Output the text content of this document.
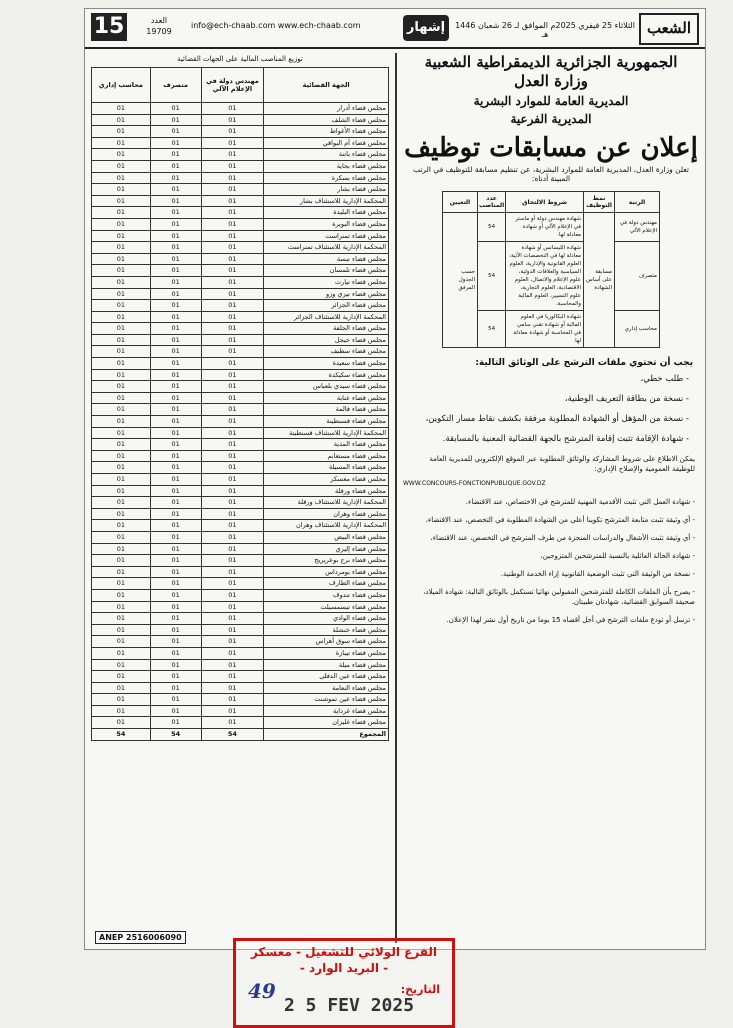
15	العدد
19709
info@ech-chaab.com www.ech-chaab.com	إشهار	الثلاثاء 25 فيفري 2025م الموافق لـ 26 شعبان 1446 هـ	الشعب
توزيع المناصب المالية على الجهات القضائية
الجهة القضائية	مهندس دولة في الإعلام الآلي	متصرف	محاسب إداري
مجلس قضاء أدرار	01	01	01
مجلس قضاء الشلف	01	01	01
مجلس قضاء الأغواط	01	01	01
مجلس قضاء أم البواقي	01	01	01
مجلس قضاء باتنة	01	01	01
مجلس قضاء بجاية	01	01	01
مجلس قضاء بسكرة	01	01	01
مجلس قضاء بشار	01	01	01
المحكمة الإدارية للاستئناف بشار	01	01	01
مجلس قضاء البليدة	01	01	01
مجلس قضاء البويرة	01	01	01
مجلس قضاء تمنراست	01	01	01
المحكمة الإدارية للاستئناف تمنراست	01	01	01
مجلس قضاء تبسة	01	01	01
مجلس قضاء تلمسان	01	01	01
مجلس قضاء تيارت	01	01	01
مجلس قضاء تيزي وزو	01	01	01
مجلس قضاء الجزائر	01	01	01
المحكمة الإدارية للاستئناف الجزائر	01	01	01
مجلس قضاء الجلفة	01	01	01
مجلس قضاء جيجل	01	01	01
مجلس قضاء سطيف	01	01	01
مجلس قضاء سعيدة	01	01	01
مجلس قضاء سكيكدة	01	01	01
مجلس قضاء سيدي بلعباس	01	01	01
مجلس قضاء عنابة	01	01	01
مجلس قضاء قالمة	01	01	01
مجلس قضاء قسنطينة	01	01	01
المحكمة الإدارية للاستئناف قسنطينة	01	01	01
مجلس قضاء المدية	01	01	01
مجلس قضاء مستغانم	01	01	01
مجلس قضاء المسيلة	01	01	01
مجلس قضاء معسكر	01	01	01
مجلس قضاء ورقلة	01	01	01
المحكمة الإدارية للاستئناف ورقلة	01	01	01
مجلس قضاء وهران	01	01	01
المحكمة الإدارية للاستئناف وهران	01	01	01
مجلس قضاء البيض	01	01	01
مجلس قضاء إليزي	01	01	01
مجلس قضاء برج بوعريريج	01	01	01
مجلس قضاء بومرداس	01	01	01
مجلس قضاء الطارف	01	01	01
مجلس قضاء تندوف	01	01	01
مجلس قضاء تيسمسيلت	01	01	01
مجلس قضاء الوادي	01	01	01
مجلس قضاء خنشلة	01	01	01
مجلس قضاء سوق أهراس	01	01	01
مجلس قضاء تيبازة	01	01	01
مجلس قضاء ميلة	01	01	01
مجلس قضاء عين الدفلى	01	01	01
مجلس قضاء النعامة	01	01	01
مجلس قضاء عين تموشنت	01	01	01
مجلس قضاء غرداية	01	01	01
مجلس قضاء غليزان	01	01	01
المجموع	54	54	54
الجمهورية الجزائرية الديمقراطية الشعبية
وزارة العدل
المديرية العامة للموارد البشرية
المديرية الفرعية
إعلان عن مسابقات توظيف
تعلن وزارة العدل، المديرية العامة للموارد البشرية، عن تنظيم مسابقة للتوظيف في الرتب المبينة أدناه:
الرتبة	نمط التوظيف	شروط الالتحاق	عدد المناصب	التعيين
مهندس دولة في الإعلام الآلي	مسابقة على أساس الشهادة	شهادة مهندس دولة أو ماستر في الإعلام الآلي أو شهادة معادلة لها.	54	حسب الجدول المرفق
متصرف		شهادة الليسانس أو شهادة معادلة لها في التخصصات الآتية: العلوم القانونية والإدارية، العلوم السياسية والعلاقات الدولية، علوم الإعلام والاتصال، العلوم الاقتصادية، العلوم التجارية، علوم التسيير، العلوم المالية والمحاسبة.	54	
محاسب إداري		شهادة البكالوريا في العلوم المالية أو شهادة تقني سامي في المحاسبة أو شهادة معادلة لها.	54	
يجب أن تحتوي ملفات الترشح على الوثائق التالية:
- طلب خطي،
- نسخة من بطاقة التعريف الوطنية،
- نسخة من المؤهل أو الشهادة المطلوبة مرفقة بكشف نقاط مسار التكوين،
- شهادة الإقامة تثبت إقامة المترشح بالجهة القضائية المعنية بالمسابقة.
يمكن الاطلاع على شروط المشاركة والوثائق المطلوبة عبر الموقع الإلكتروني للمديرية العامة للوظيفة العمومية والإصلاح الإداري:
WWW.CONCOURS-FONCTIONPUBLIQUE.GOV.DZ
- شهادة العمل التي تثبت الأقدمية المهنية للمترشح في الاختصاص، عند الاقتضاء.
- أي وثيقة تثبت متابعة المترشح تكوينا أعلى من الشهادة المطلوبة في التخصص، عند الاقتضاء،
- أي وثيقة تثبت الأشغال والدراسات المنجزة من طرف المترشح في التخصص، عند الاقتضاء،
- شهادة الحالة العائلية بالنسبة للمترشحين المتزوجين،
- نسخة من الوثيقة التي تثبت الوضعية القانونية إزاء الخدمة الوطنية.
- يصرح بأن الملفات الكاملة للمترشحين المقبولين نهائيا تستكمل بالوثائق التالية: شهادة الميلاد، صحيفة السوابق القضائية، شهادتان طبيتان.
- ترسل أو تودع ملفات الترشح في أجل أقصاه 15 يوما من تاريخ أول نشر لهذا الإعلان.
ANEP 2516006090
الفرع الولائي للتشغيل - معسكر
- البريد الوارد -
التاريخ:
2 5 FEV 2025
49
